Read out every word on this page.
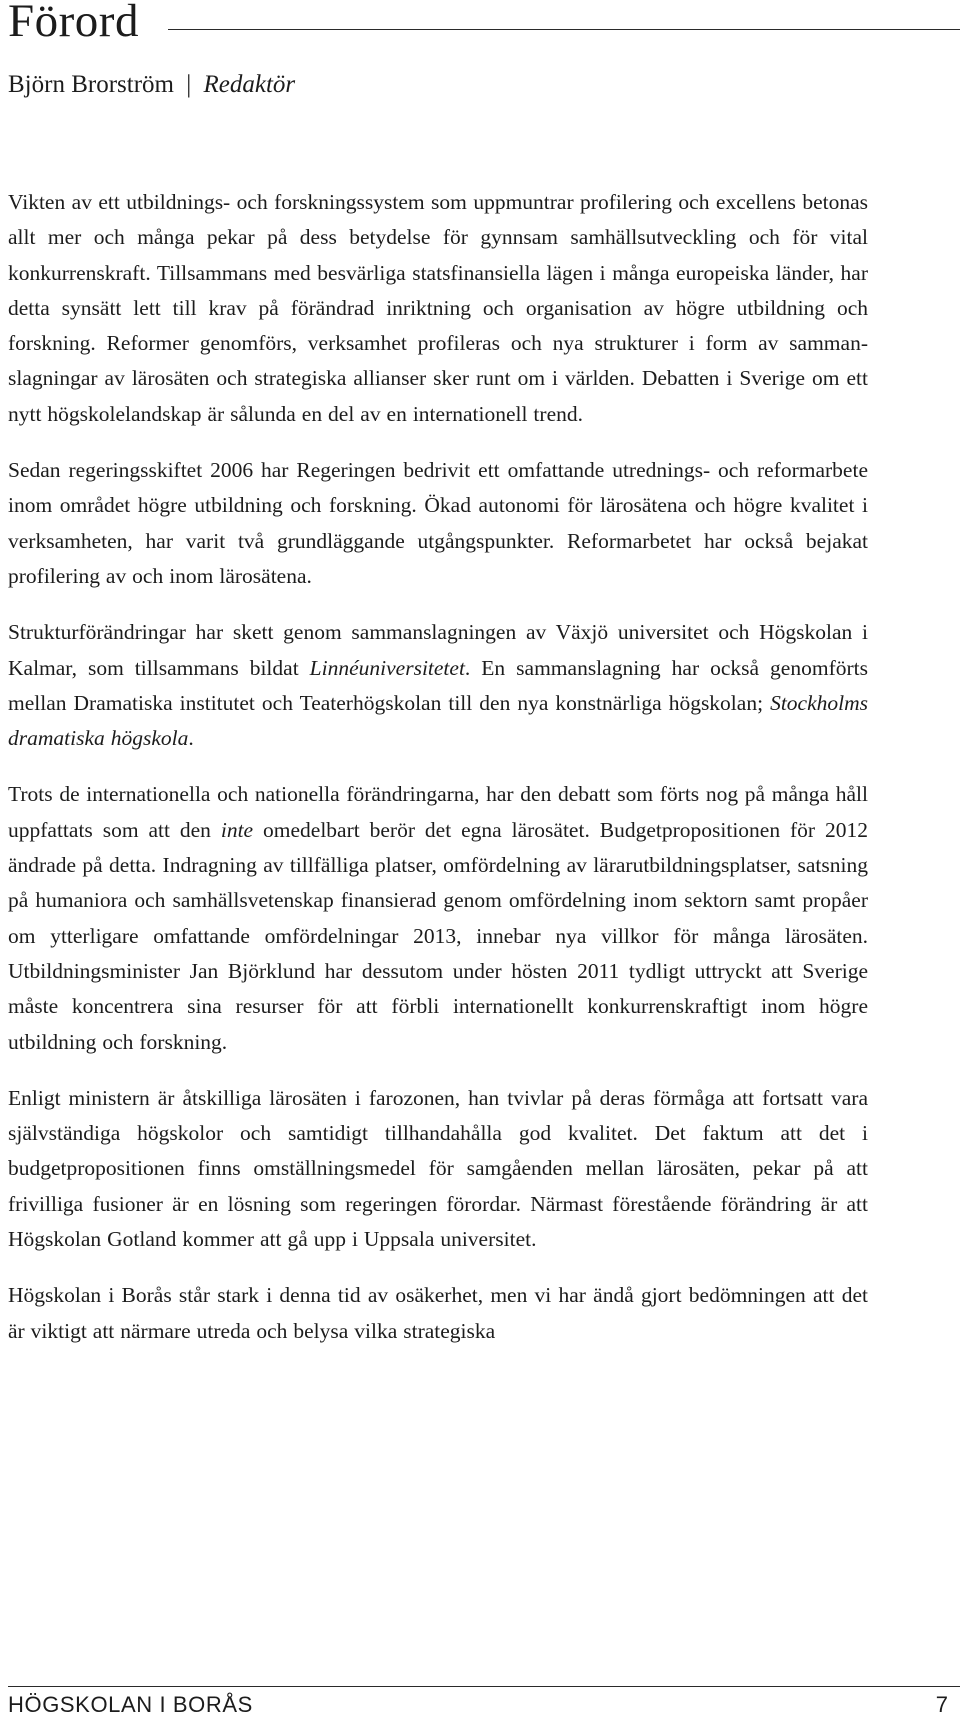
Förord
Björn Brorström | Redaktör

Vikten av ett utbildnings- och forskningssystem som uppmuntrar profilering och excellens betonas allt mer och många pekar på dess betydelse för gynnsam samhällsutveckling och för vital konkurrenskraft. Tillsammans med besvärliga statsfinansiella lägen i många europeiska länder, har detta synsätt lett till krav på förändrad inriktning och organisation av högre utbildning och forskning. Reformer genomförs, verksamhet profileras och nya strukturer i form av sammanslagningar av lärosäten och strategiska allianser sker runt om i världen. Debatten i Sverige om ett nytt högskolelandskap är sålunda en del av en internationell trend.

Sedan regeringsskiftet 2006 har Regeringen bedrivit ett omfattande utrednings- och reformarbete inom området högre utbildning och forskning. Ökad autonomi för lärosätena och högre kvalitet i verksamheten, har varit två grundläggande utgångspunkter. Reformarbetet har också bejakat profilering av och inom lärosätena.

Strukturförändringar har skett genom sammanslagningen av Växjö universitet och Högskolan i Kalmar, som tillsammans bildat Linnéuniversitetet. En sammanslagning har också genomförts mellan Dramatiska institutet och Teaterhögskolan till den nya konstnärliga högskolan; Stockholms dramatiska högskola.

Trots de internationella och nationella förändringarna, har den debatt som förts nog på många håll uppfattats som att den inte omedelbart berör det egna lärosätet. Budgetpropositionen för 2012 ändrade på detta. Indragning av tillfälliga platser, omfördelning av lärarutbildningsplatser, satsning på humaniora och samhällsvetenskap finansierad genom omfördelning inom sektorn samt propåer om ytterligare omfattande omfördelningar 2013, innebar nya villkor för många lärosäten. Utbildningsminister Jan Björklund har dessutom under hösten 2011 tydligt uttryckt att Sverige måste koncentrera sina resurser för att förbli internationellt konkurrenskraftigt inom högre utbildning och forskning.

Enligt ministern är åtskilliga lärosäten i farozonen, han tvivlar på deras förmåga att fortsatt vara självständiga högskolor och samtidigt tillhandahålla god kvalitet. Det faktum att det i budgetpropositionen finns omställningsmedel för samgåenden mellan lärosäten, pekar på att frivilliga fusioner är en lösning som regeringen förordar. Närmast förestående förändring är att Högskolan Gotland kommer att gå upp i Uppsala universitet.

Högskolan i Borås står stark i denna tid av osäkerhet, men vi har ändå gjort bedömningen att det är viktigt att närmare utreda och belysa vilka strategiska

HÖGSKOLAN I BORÅS	7
